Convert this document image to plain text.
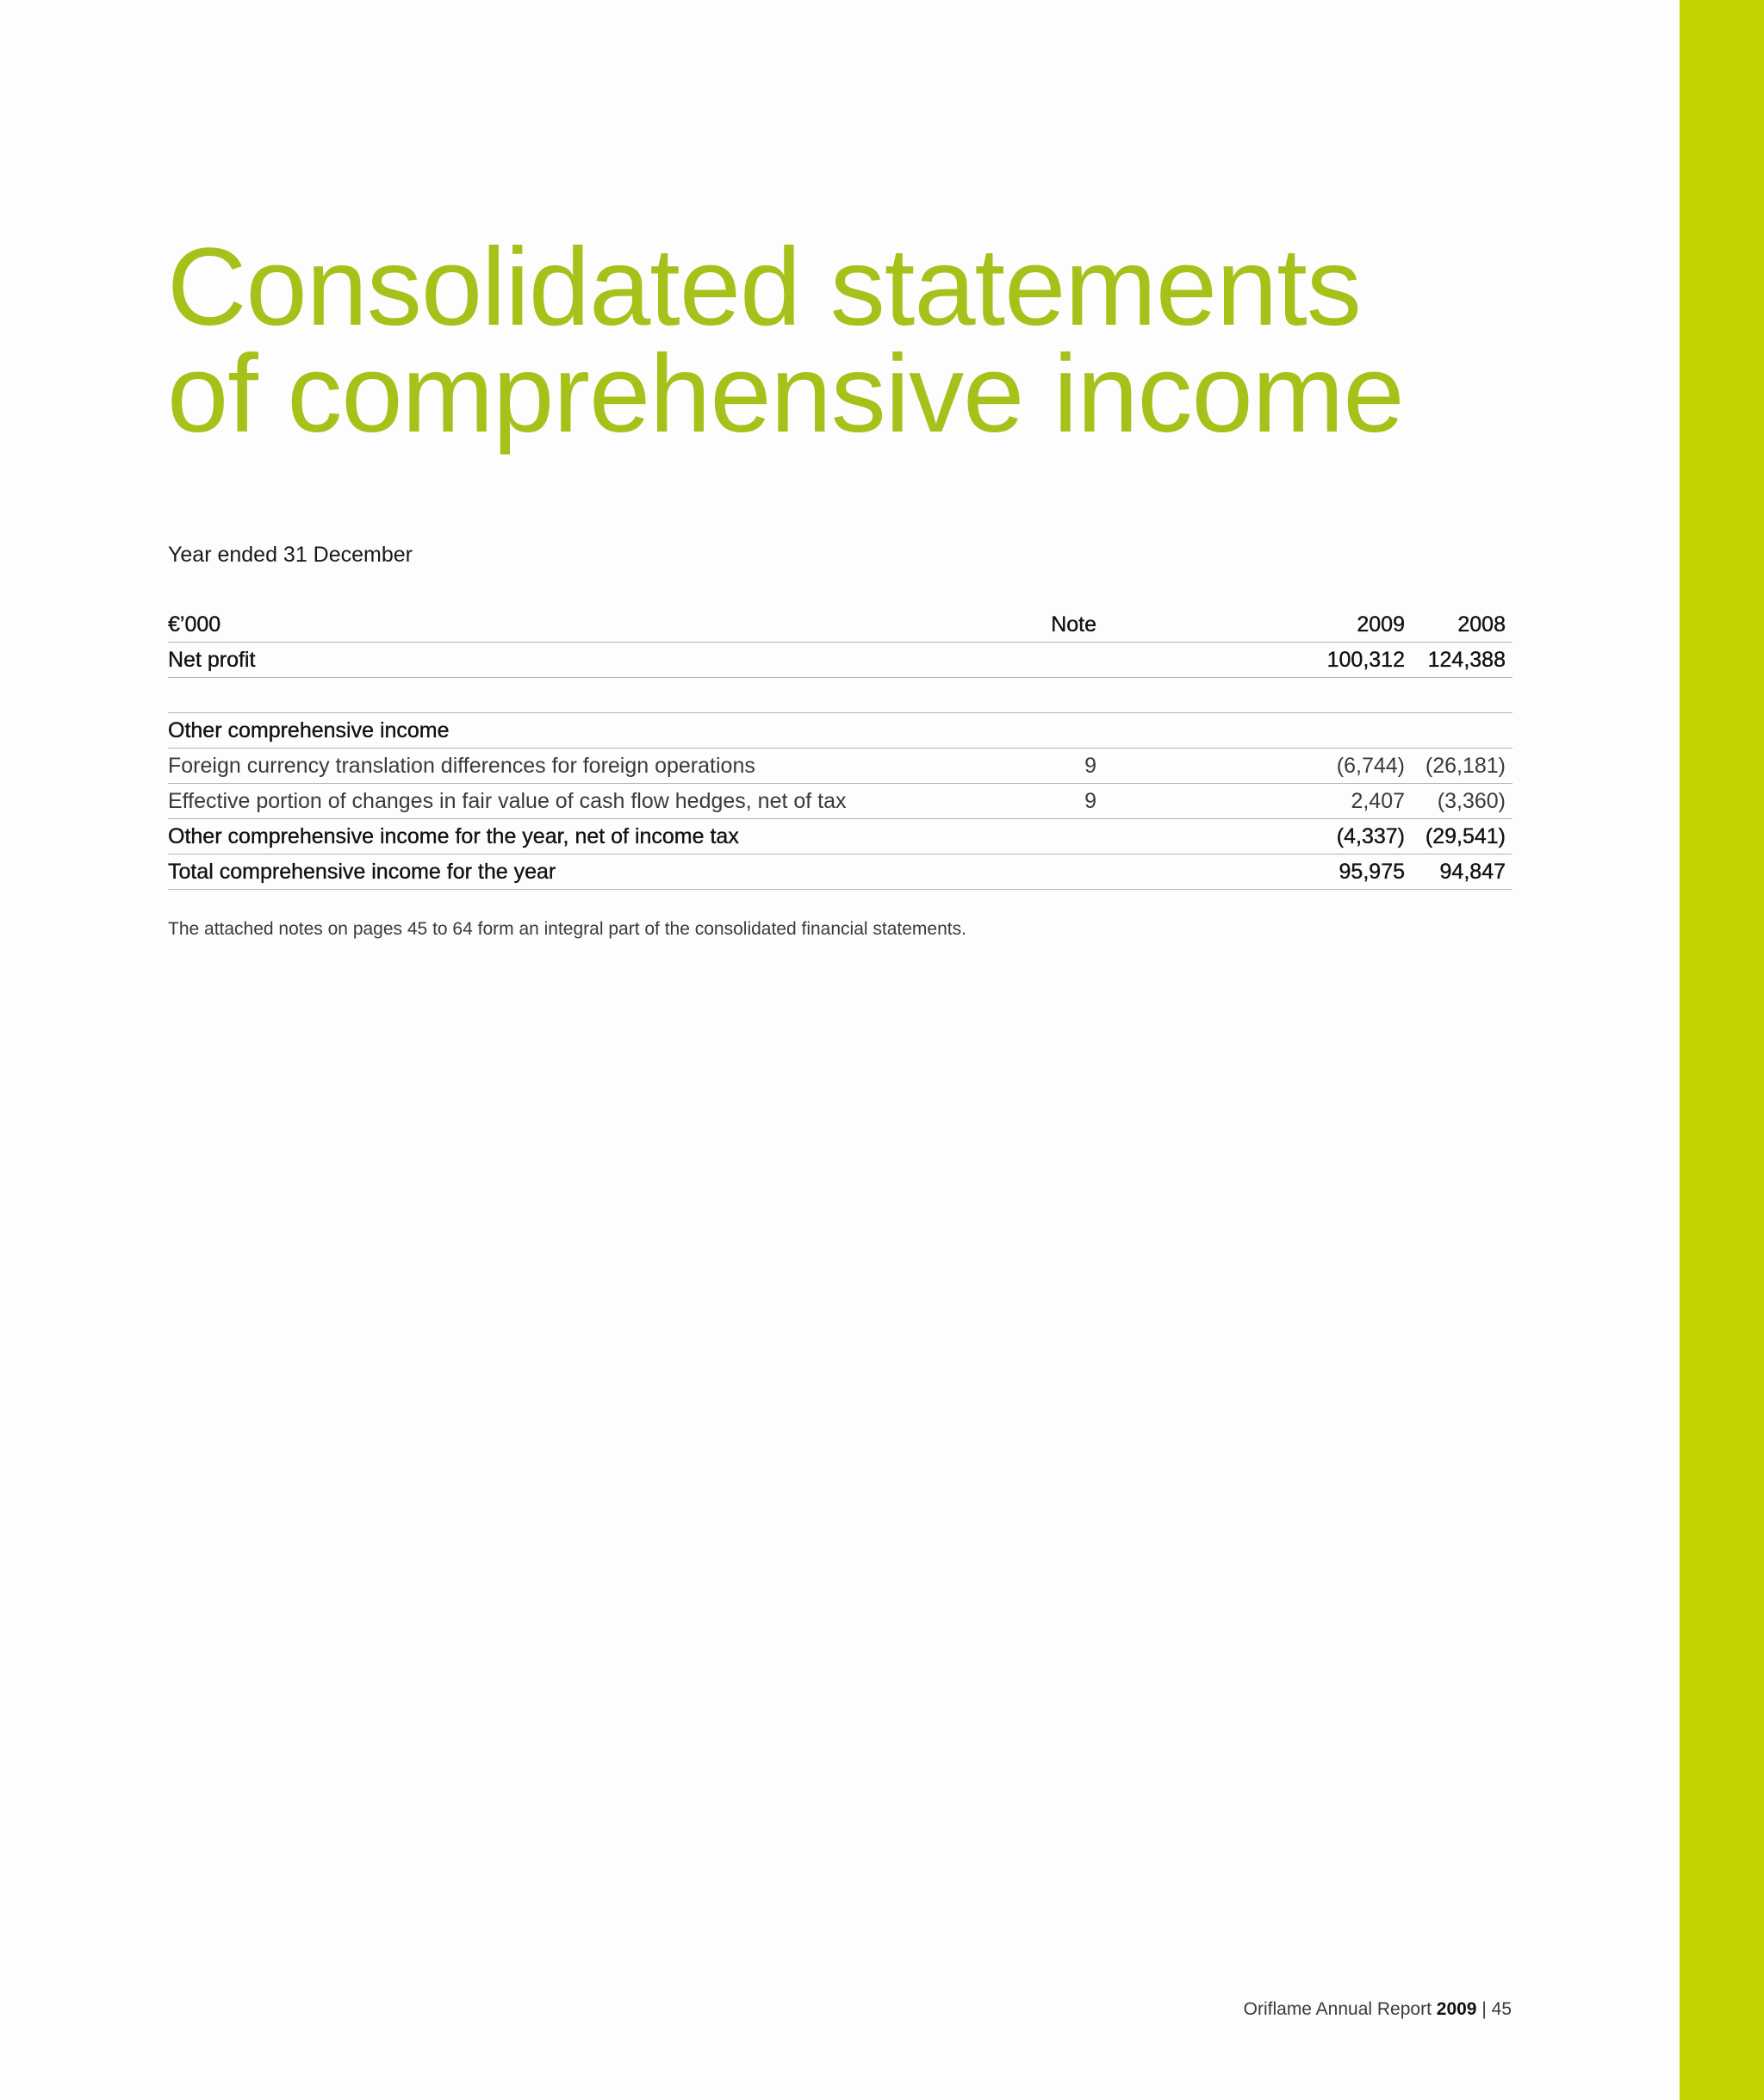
Consolidated statements
of comprehensive income
Year ended 31 December
€’000	Note	2009	2008
Net profit		100,312	124,388

Other comprehensive income			
Foreign currency translation differences for foreign operations	9	(6,744)	(26,181)
Effective portion of changes in fair value of cash flow hedges, net of tax	9	2,407	(3,360)
Other comprehensive income for the year, net of income tax		(4,337)	(29,541)
Total comprehensive income for the year		95,975	94,847
The attached notes on pages 45 to 64 form an integral part of the consolidated financial statements.
Oriflame Annual Report 2009 | 45
